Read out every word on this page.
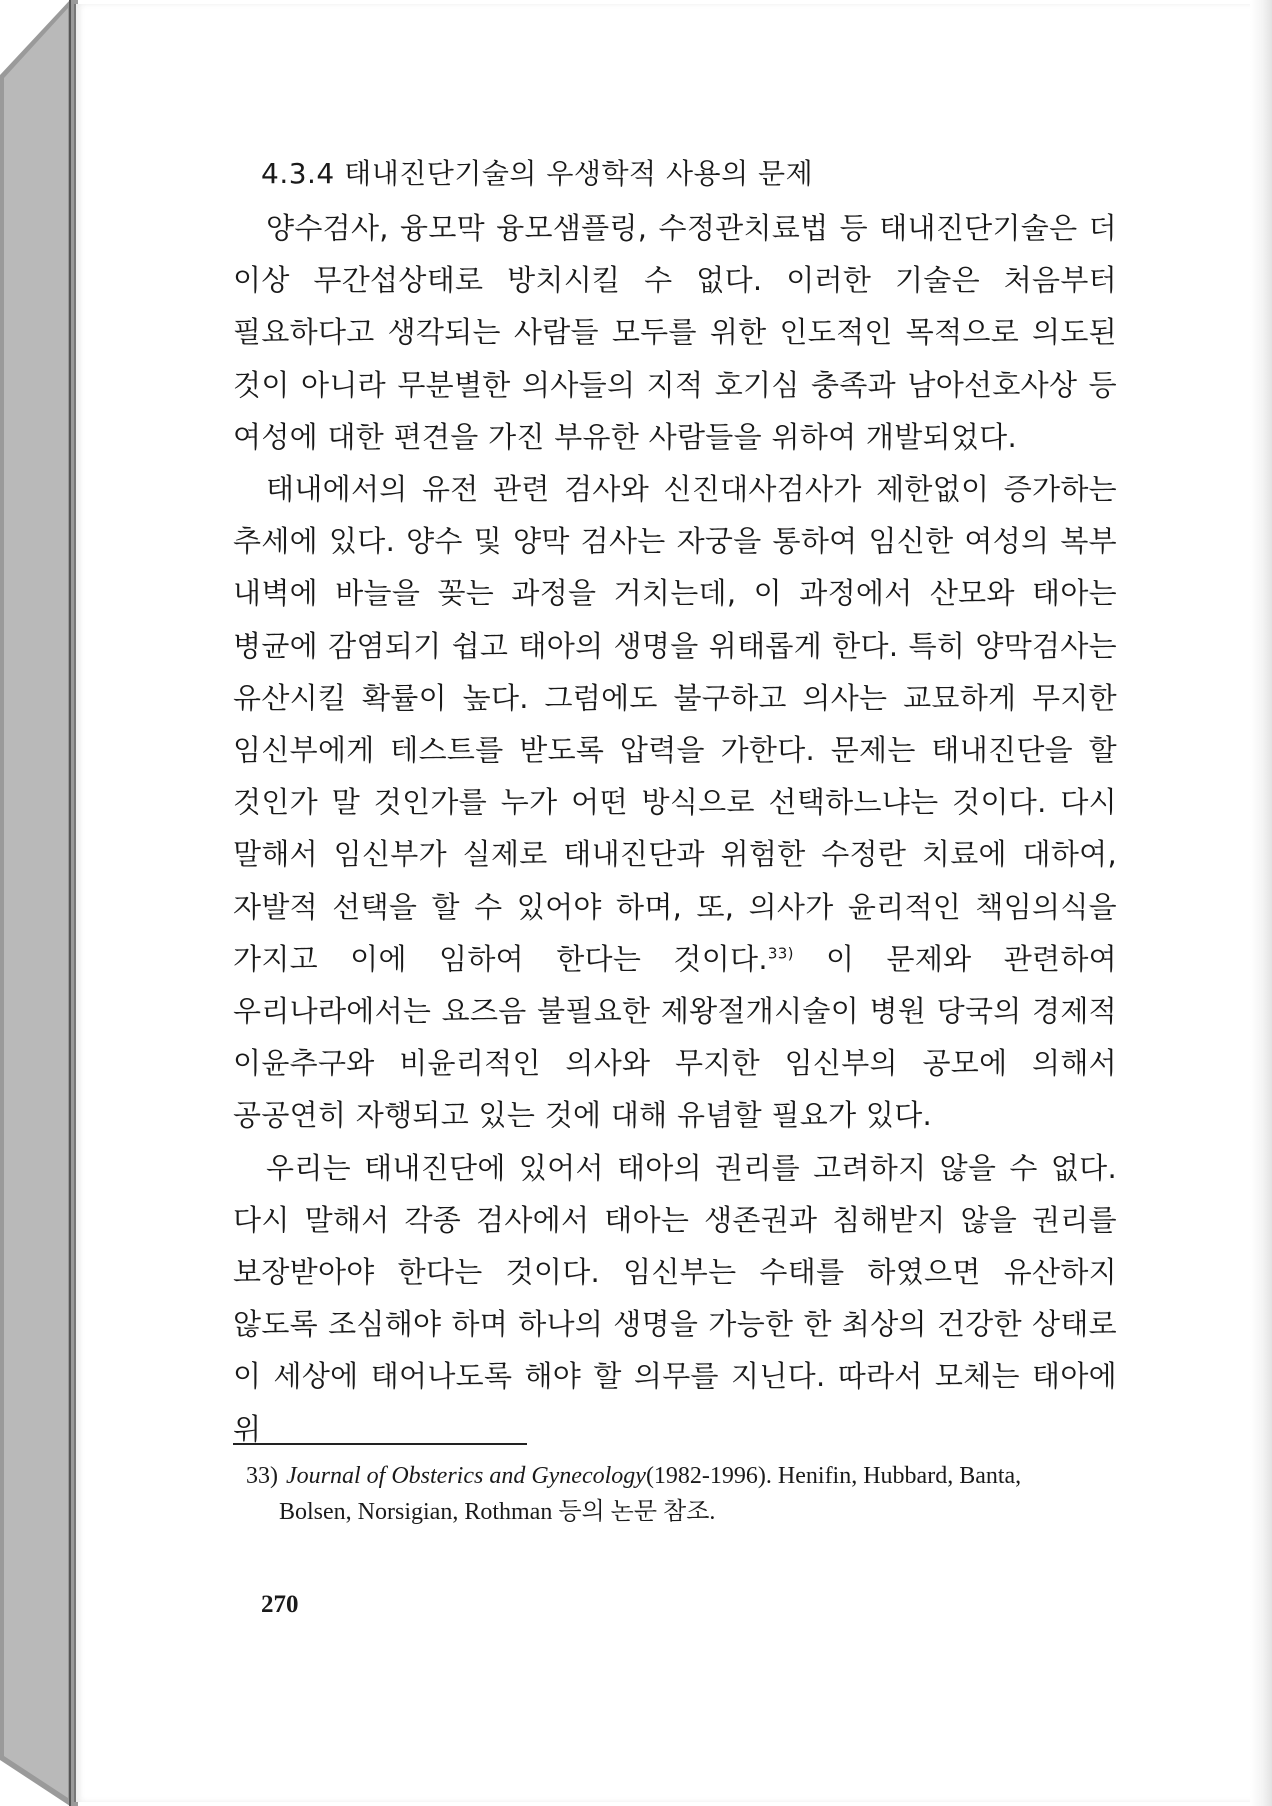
4.3.4 태내진단기술의 우생학적 사용의 문제

양수검사, 융모막 융모샘플링, 수정관치료법 등 태내진단기술은 더 이상 무간섭상태로 방치시킬 수 없다. 이러한 기술은 처음부터 필요하다고 생각되는 사람들 모두를 위한 인도적인 목적으로 의도된 것이 아니라 무분별한 의사들의 지적 호기심 충족과 남아선호사상 등 여성에 대한 편견을 가진 부유한 사람들을 위하여 개발되었다.

태내에서의 유전 관련 검사와 신진대사검사가 제한없이 증가하는 추세에 있다. 양수 및 양막 검사는 자궁을 통하여 임신한 여성의 복부 내벽에 바늘을 꽂는 과정을 거치는데, 이 과정에서 산모와 태아는 병균에 감염되기 쉽고 태아의 생명을 위태롭게 한다. 특히 양막검사는 유산시킬 확률이 높다. 그럼에도 불구하고 의사는 교묘하게 무지한 임신부에게 테스트를 받도록 압력을 가한다. 문제는 태내진단을 할 것인가 말 것인가를 누가 어떤 방식으로 선택하느냐는 것이다. 다시 말해서 임신부가 실제로 태내진단과 위험한 수정란 치료에 대하여, 자발적 선택을 할 수 있어야 하며, 또, 의사가 윤리적인 책임의식을 가지고 이에 임하여 한다는 것이다.$^{33)}$ 이 문제와 관련하여 우리나라에서는 요즈음 불필요한 제왕절개시술이 병원 당국의 경제적 이윤추구와 비윤리적인 의사와 무지한 임신부의 공모에 의해서 공공연히 자행되고 있는 것에 대해 유념할 필요가 있다.

우리는 태내진단에 있어서 태아의 권리를 고려하지 않을 수 없다. 다시 말해서 각종 검사에서 태아는 생존권과 침해받지 않을 권리를 보장받아야 한다는 것이다. 임신부는 수태를 하였으면 유산하지 않도록 조심해야 하며 하나의 생명을 가능한 한 최상의 건강한 상태로 이 세상에 태어나도록 해야 할 의무를 지닌다. 따라서 모체는 태아에 위

33) Journal of Obsterics and Gynecology(1982-1996). Henifin, Hubbard, Banta,
Bolsen, Norsigian, Rothman 등의 논문 참조.
270
